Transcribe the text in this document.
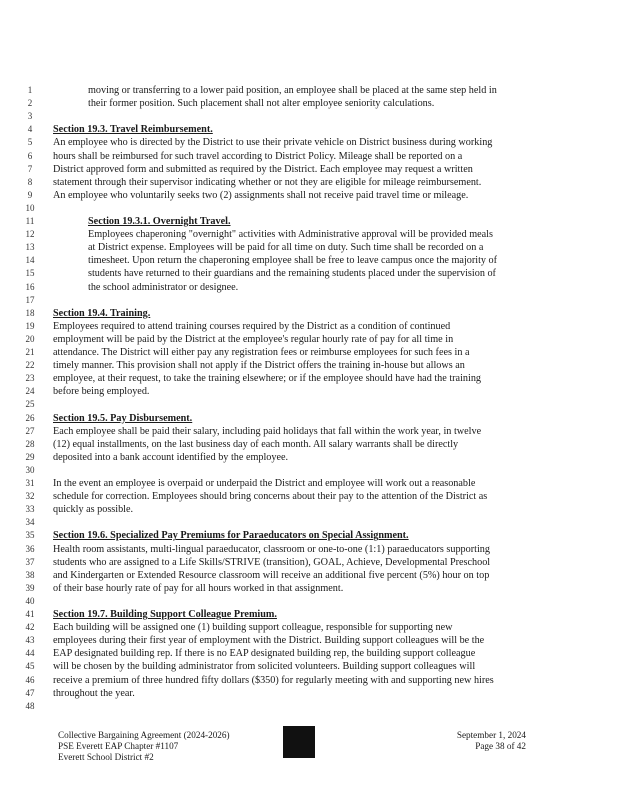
1	moving or transferring to a lower paid position, an employee shall be placed at the same step held in
2	their former position. Such placement shall not alter employee seniority calculations.
3
4	Section 19.3. Travel Reimbursement.
5	An employee who is directed by the District to use their private vehicle on District business during working
6	hours shall be reimbursed for such travel according to District Policy. Mileage shall be reported on a
7	District approved form and submitted as required by the District. Each employee may request a written
8	statement through their supervisor indicating whether or not they are eligible for mileage reimbursement.
9	An employee who voluntarily seeks two (2) assignments shall not receive paid travel time or mileage.
10
11	Section 19.3.1. Overnight Travel.
12	Employees chaperoning "overnight" activities with Administrative approval will be provided meals
13	at District expense. Employees will be paid for all time on duty. Such time shall be recorded on a
14	timesheet. Upon return the chaperoning employee shall be free to leave campus once the majority of
15	students have returned to their guardians and the remaining students placed under the supervision of
16	the school administrator or designee.
17
18	Section 19.4. Training.
19	Employees required to attend training courses required by the District as a condition of continued
20	employment will be paid by the District at the employee's regular hourly rate of pay for all time in
21	attendance. The District will either pay any registration fees or reimburse employees for such fees in a
22	timely manner. This provision shall not apply if the District offers the training in-house but allows an
23	employee, at their request, to take the training elsewhere; or if the employee should have had the training
24	before being employed.
25
26	Section 19.5. Pay Disbursement.
27	Each employee shall be paid their salary, including paid holidays that fall within the work year, in twelve
28	(12) equal installments, on the last business day of each month. All salary warrants shall be directly
29	deposited into a bank account identified by the employee.
30
31	In the event an employee is overpaid or underpaid the District and employee will work out a reasonable
32	schedule for correction. Employees should bring concerns about their pay to the attention of the District as
33	quickly as possible.
34
35	Section 19.6. Specialized Pay Premiums for Paraeducators on Special Assignment.
36	Health room assistants, multi-lingual paraeducator, classroom or one-to-one (1:1) paraeducators supporting
37	students who are assigned to a Life Skills/STRIVE (transition), GOAL, Achieve, Developmental Preschool
38	and Kindergarten or Extended Resource classroom will receive an additional five percent (5%) hour on top
39	of their base hourly rate of pay for all hours worked in that assignment.
40
41	Section 19.7. Building Support Colleague Premium.
42	Each building will be assigned one (1) building support colleague, responsible for supporting new
43	employees during their first year of employment with the District. Building support colleagues will be the
44	EAP designated building rep. If there is no EAP designated building rep, the building support colleague
45	will be chosen by the building administrator from solicited volunteers. Building support colleagues will
46	receive a premium of three hundred fifty dollars ($350) for regularly meeting with and supporting new hires
47	throughout the year.
48
Collective Bargaining Agreement (2024-2026)
PSE Everett EAP Chapter #1107
Everett School District #2
September 1, 2024
Page 38 of 42
